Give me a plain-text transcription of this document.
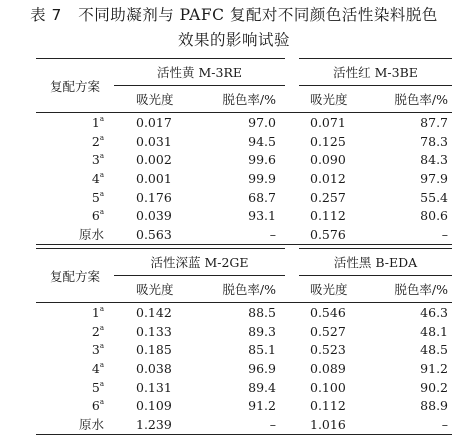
表 7 不同助凝剂与 PAFC 复配对不同颜色活性染料脱色
效果的影响试验
复配方案	活性黄 M-3RE		活性红 M-3BE	
	吸光度	脱色率/%	吸光度	脱色率/%
1$^a$	0.017	97.0	0.071	87.7
2$^a$	0.031	94.5	0.125	78.3
3$^a$	0.002	99.6	0.090	84.3
4$^a$	0.001	99.9	0.012	97.9
5$^a$	0.176	68.7	0.257	55.4
6$^a$	0.039	93.1	0.112	80.6
原水	0.563	–	0.576	–
复配方案	活性深蓝 M-2GE		活性黑 B-EDA	
	吸光度	脱色率/%	吸光度	脱色率/%
1$^a$	0.142	88.5	0.546	46.3
2$^a$	0.133	89.3	0.527	48.1
3$^a$	0.185	85.1	0.523	48.5
4$^a$	0.038	96.9	0.089	91.2
5$^a$	0.131	89.4	0.100	90.2
6$^a$	0.109	91.2	0.112	88.9
原水	1.239	–	1.016	–
